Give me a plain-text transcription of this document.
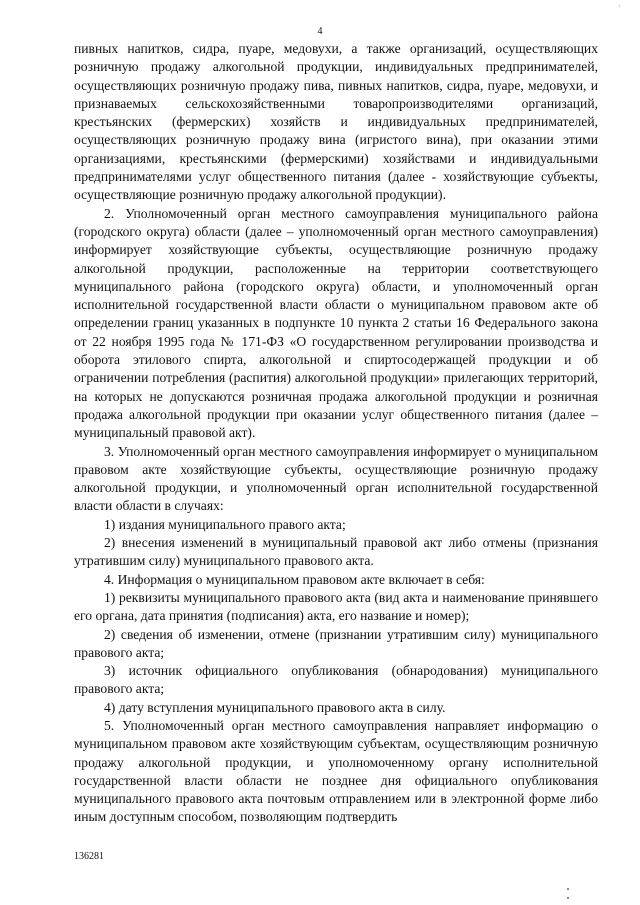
4
·

пивных напитков, сидра, пуаре, медовухи, а также организаций, осуществляющих розничную продажу алкогольной продукции, индивидуальных предпринимателей, осуществляющих розничную продажу пива, пивных напитков, сидра, пуаре, медовухи, и признаваемых сельскохозяйственными товаропроизводителями организаций, крестьянских (фермерских) хозяйств и индивидуальных предпринимателей, осуществляющих розничную продажу вина (игристого вина), при оказании этими организациями, крестьянскими (фермерскими) хозяйствами и индивидуальными предпринимателями услуг общественного питания (далее - хозяйствующие субъекты, осуществляющие розничную продажу алкогольной продукции).

2. Уполномоченный орган местного самоуправления муниципального района (городского округа) области (далее – уполномоченный орган местного самоуправления) информирует хозяйствующие субъекты, осуществляющие розничную продажу алкогольной продукции, расположенные на территории соответствующего муниципального района (городского округа) области, и уполномоченный орган исполнительной государственной власти области о муниципальном правовом акте об определении границ указанных в подпункте 10 пункта 2 статьи 16 Федерального закона от 22 ноября 1995 года № 171-ФЗ «О государственном регулировании производства и оборота этилового спирта, алкогольной и спиртосодержащей продукции и об ограничении потребления (распития) алкогольной продукции» прилегающих территорий, на которых не допускаются розничная продажа алкогольной продукции и розничная продажа алкогольной продукции при оказании услуг общественного питания (далее – муниципальный правовой акт).

3. Уполномоченный орган местного самоуправления информирует о муниципальном правовом акте хозяйствующие субъекты, осуществляющие розничную продажу алкогольной продукции, и уполномоченный орган исполнительной государственной власти области в случаях:

1) издания муниципального правого акта;

2) внесения изменений в муниципальный правовой акт либо отмены (признания утратившим силу) муниципального правового акта.

4. Информация о муниципальном правовом акте включает в себя:

1) реквизиты муниципального правового акта (вид акта и наименование принявшего его органа, дата принятия (подписания) акта, его название и номер);

2) сведения об изменении, отмене (признании утратившим силу) муниципального правового акта;

3) источник официального опубликования (обнародования) муниципального правового акта;

4) дату вступления муниципального правового акта в силу.

5. Уполномоченный орган местного самоуправления направляет информацию о муниципальном правовом акте хозяйствующим субъектам, осуществляющим розничную продажу алкогольной продукции, и уполномоченному органу исполнительной государственной власти области не позднее дня официального опубликования муниципального правового акта почтовым отправлением или в электронной форме либо иным доступным способом, позволяющим подтвердить

136281
